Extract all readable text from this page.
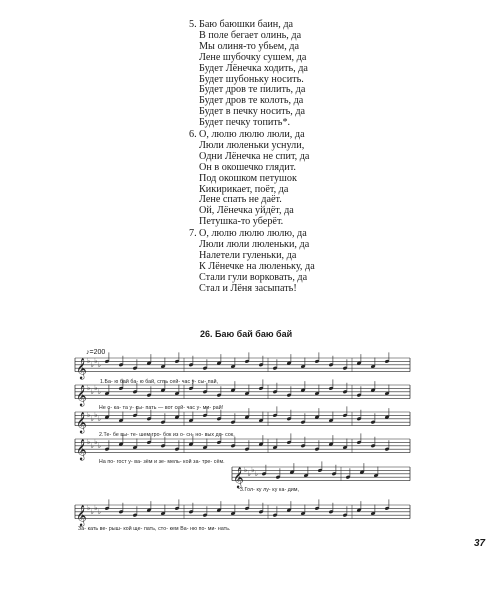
5. Баю баюшки баин, да
В поле бегает олинь, да
Мы олиня-то убьем, да
Лене шубочку сушем, да
Будет Лёнечка ходить, да
Будет шубоньку носить.
Будет дров те пилить, да
Будет дров те колоть, да
Будет в печку носить, да
Будет печку топить*.
6. О, люлю люлю люли, да
Люли люленьки уснули,
Одни Лёнечка не спит, да
Он в окошечко глядит.
Под окошком петушок
Кикирикает, поёт, да
Лене спать не даёт.
Ой, Лёнечка уйдёт, да
Петушка-то уберёт.
7. О, люлю люлю люлю, да
Люли люли люленьки, да
Налетели гуленьки, да
К Лёнечке на люленьку, да
Стали гули ворковать, да
Стал и Лёня засыпать!
26. Баю бай баю бай
♪=200
𝄞 ♭ ♭ ♭ ♭
𝄞 ♭ ♭ ♭ ♭
𝄞 ♭ ♭ ♭ ♭
𝄞 ♭ ♭ ♭ ♭
𝄞 ♭ ♭ ♭ ♭
𝄞 ♭ ♭ ♭ ♭
1.Ба- ю бай ба- ю бай, спть сей- час у- сы- пай,
Не о- ка- та у- сы- пать — вот сей- час у- ми- рай!
2.Те- бе вы- те- шем гро- бок из о- сн- но- вых до- сок,
На по- гост у- ва- зём и зе- мель- кой за- тре- сём.
3.Гол- ку лу- ку ка- дим,
За- кать ве- рыш- кой ще- пать, сто- кем Ва- ню по- ми- нать.
37
